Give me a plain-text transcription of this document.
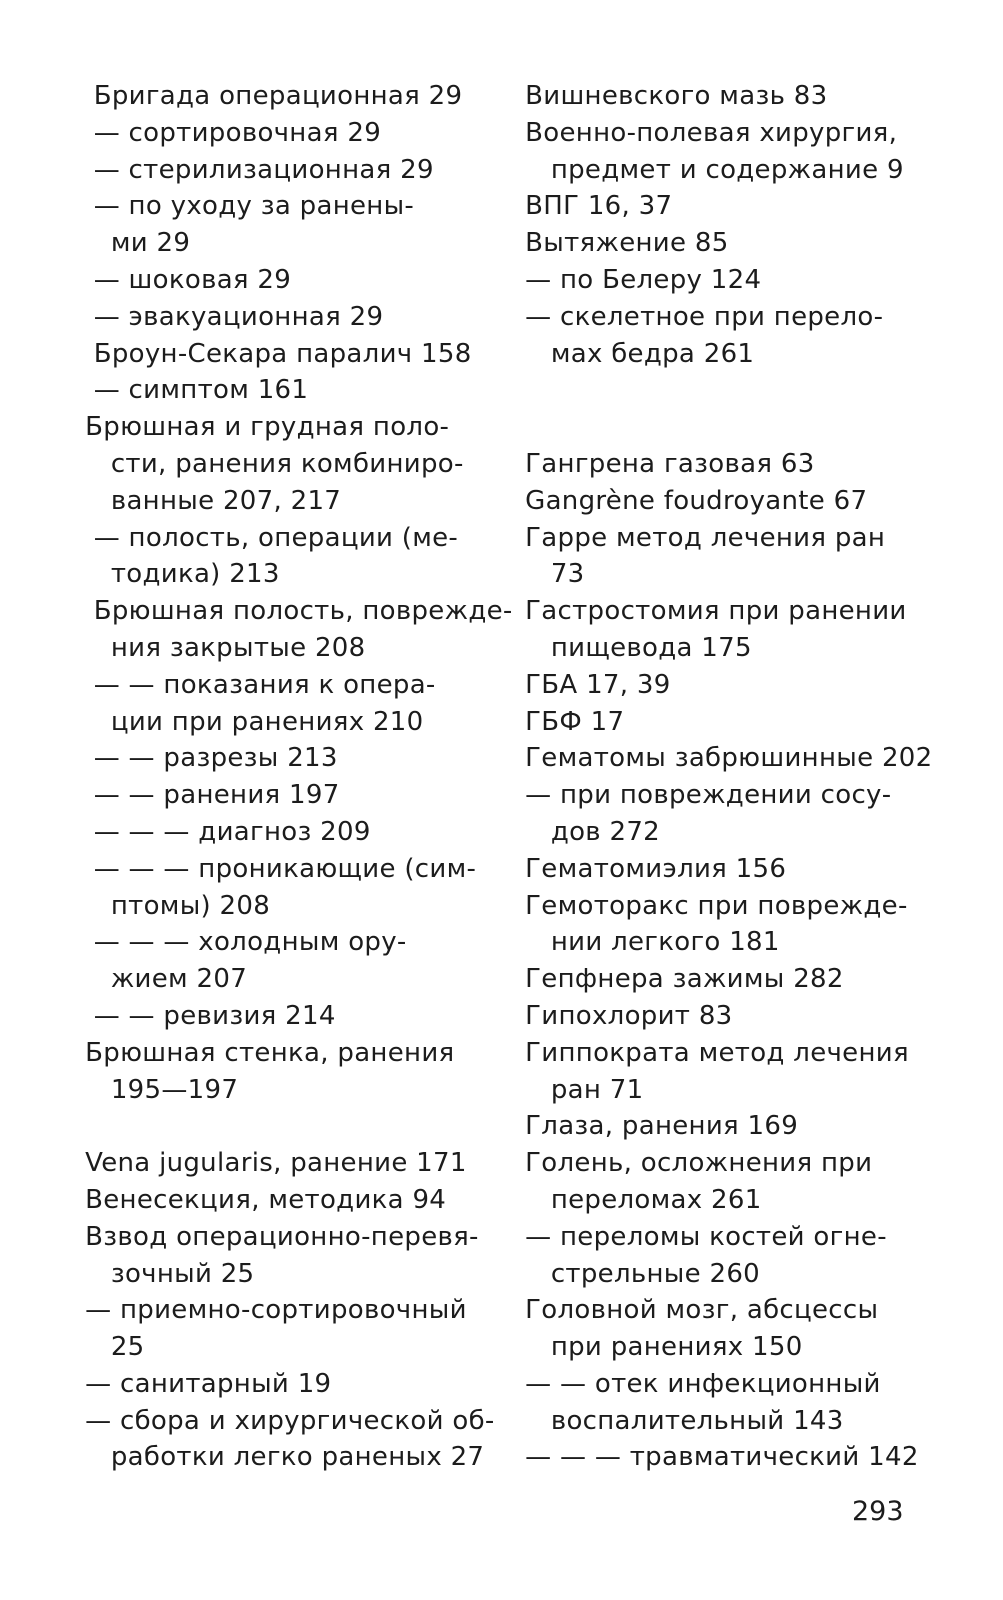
Бригада операционная 29
— сортировочная 29
— стерилизационная 29
— по уходу за ранены-
ми 29
— шоковая 29
— эвакуационная 29
Броун-Секара паралич 158
— симптом 161
Брюшная и грудная поло-
сти, ранения комбиниро-
ванные 207, 217
— полость, операции (ме-
тодика) 213
Брюшная полость, поврежде-
ния закрытые 208
— — показания к опера-
ции при ранениях 210
— — разрезы 213
— — ранения 197
— — — диагноз 209
— — — проникающие (сим-
птомы) 208
— — — холодным ору-
жием 207
— — ревизия 214
Брюшная стенка, ранения
195—197
Vena jugularis, ранение 171
Венесекция, методика 94
Взвод операционно-перевя-
зочный 25
— приемно-сортировочный
25
— санитарный 19
— сбора и хирургической об-
работки легко раненых 27
Вишневского мазь 83
Военно-полевая хирургия,
предмет и содержание 9
ВПГ 16, 37
Вытяжение 85
— по Белеру 124
— скелетное при перело-
мах бедра 261
Гангрена газовая 63
Gangrène foudroyante 67
Гарре метод лечения ран
73
Гастростомия при ранении
пищевода 175
ГБА 17, 39
ГБФ 17
Гематомы забрюшинные 202
— при повреждении сосу-
дов 272
Гематомиэлия 156
Гемоторакс при поврежде-
нии легкого 181
Гепфнера зажимы 282
Гипохлорит 83
Гиппократа метод лечения
ран 71
Глаза, ранения 169
Голень, осложнения при
переломах 261
— переломы костей огне-
стрельные 260
Головной мозг, абсцессы
при ранениях 150
— — отек инфекционный
воспалительный 143
— — — травматический 142
293
